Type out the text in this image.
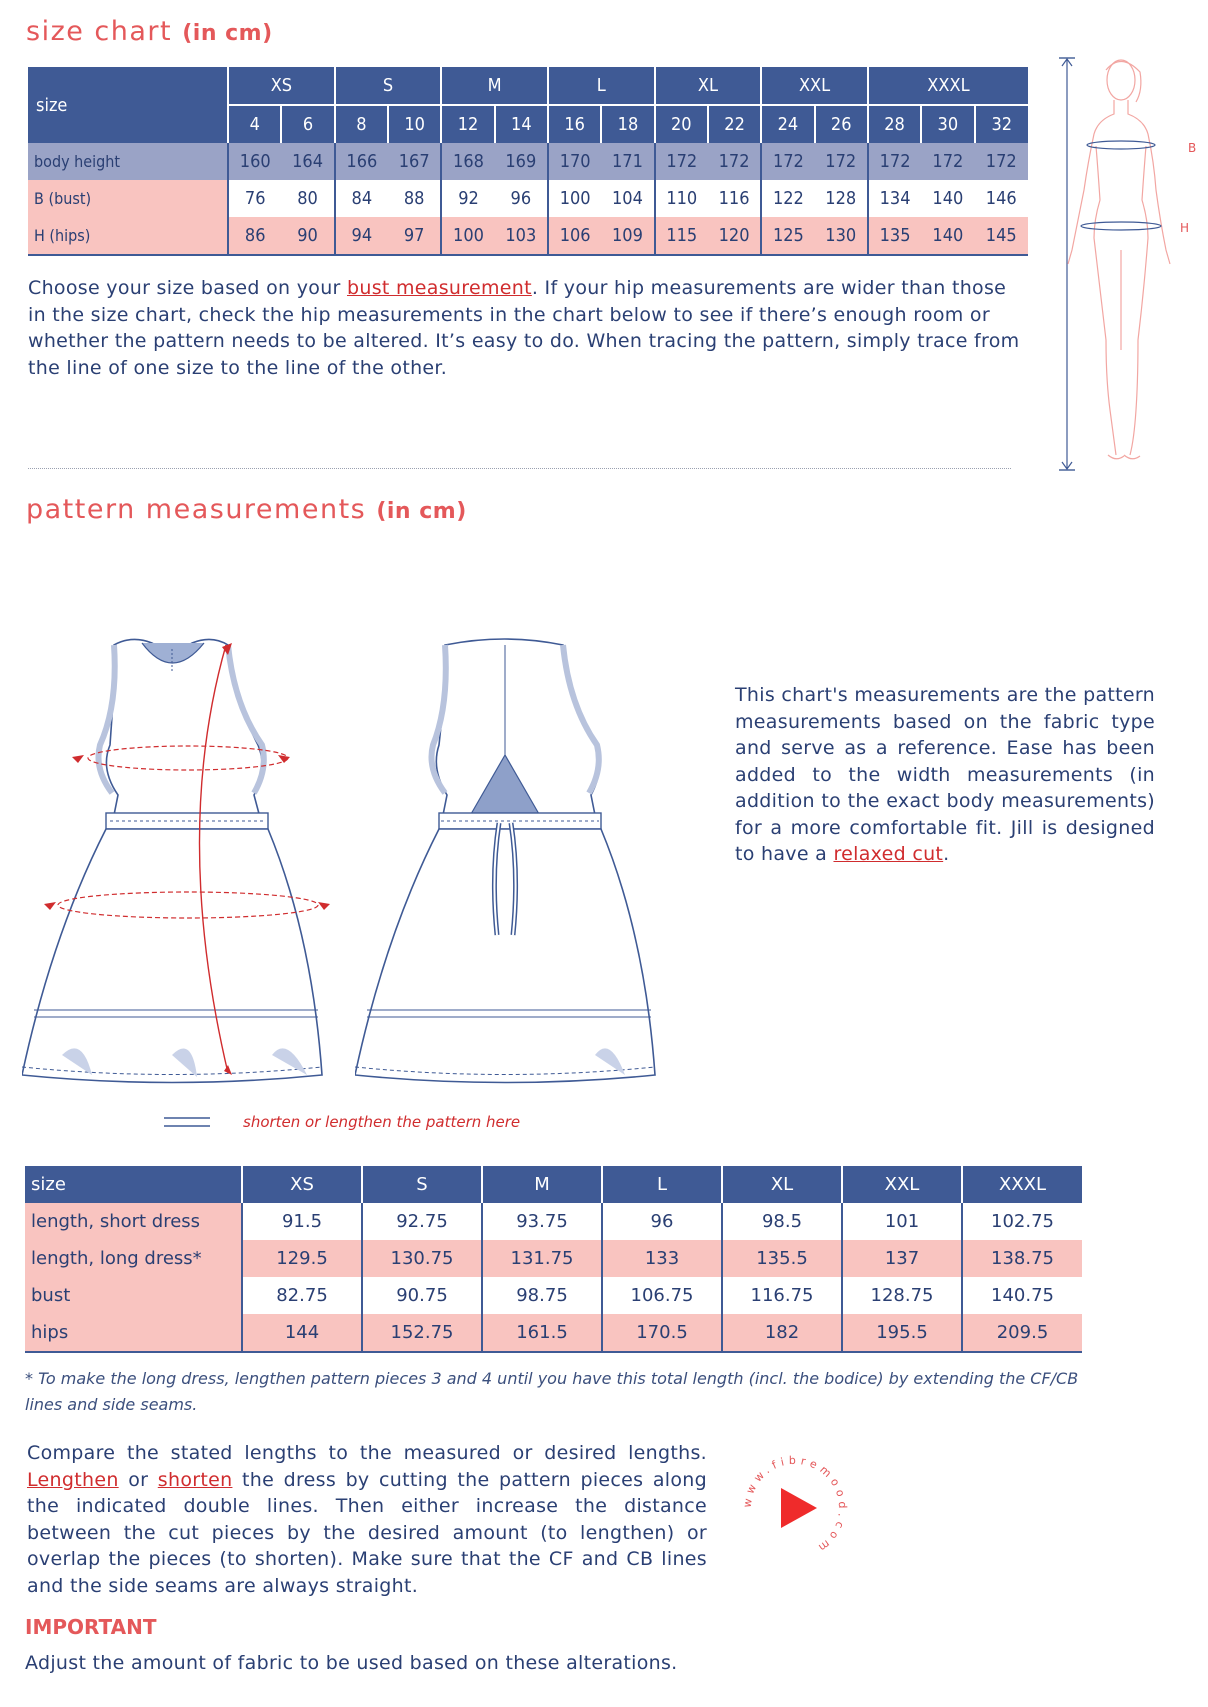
size chart (in cm)
size	XS		S		M		L		XL		XXL		XXXL		
	4	6	8	10	12	14	16	18	20	22	24	26	28	30	32
body height	160	164	166	167	168	169	170	171	172	172	172	172	172	172	172
B (bust)	76	80	84	88	92	96	100	104	110	116	122	128	134	140	146
H (hips)	86	90	94	97	100	103	106	109	115	120	125	130	135	140	145
Choose your size based on your bust measurement. If your hip measurements are wider than those in the size chart, check the hip measurements in the chart below to see if there’s enough room or whether the pattern needs to be altered. It’s easy to do. When tracing the pattern, simply trace from the line of one size to the line of the other.
B
H
pattern measurements (in cm)
This chart's measurements are the pattern measurements based on the fabric type and serve as a reference. Ease has been added to the width measurements (in addition to the exact body measurements) for a more comfortable fit. Jill is designed to have a relaxed cut.
shorten or lengthen the pattern here
size	XS	S	M	L	XL	XXL	XXXL
length, short dress	91.5	92.75	93.75	96	98.5	101	102.75
length, long dress*	129.5	130.75	131.75	133	135.5	137	138.75
bust	82.75	90.75	98.75	106.75	116.75	128.75	140.75
hips	144	152.75	161.5	170.5	182	195.5	209.5
* To make the long dress, lengthen pattern pieces 3 and 4 until you have this total length (incl. the bodice) by extending the CF/CB lines and side seams.
Compare the stated lengths to the measured or desired lengths. Lengthen or shorten the dress by cutting the pattern pieces along the indicated double lines. Then either increase the distance between the cut pieces by the desired amount (to lengthen) or overlap the pieces (to shorten). Make sure that the CF and CB lines and the side seams are always straight.
www.fibremood.com
IMPORTANT
Adjust the amount of fabric to be used based on these alterations.
